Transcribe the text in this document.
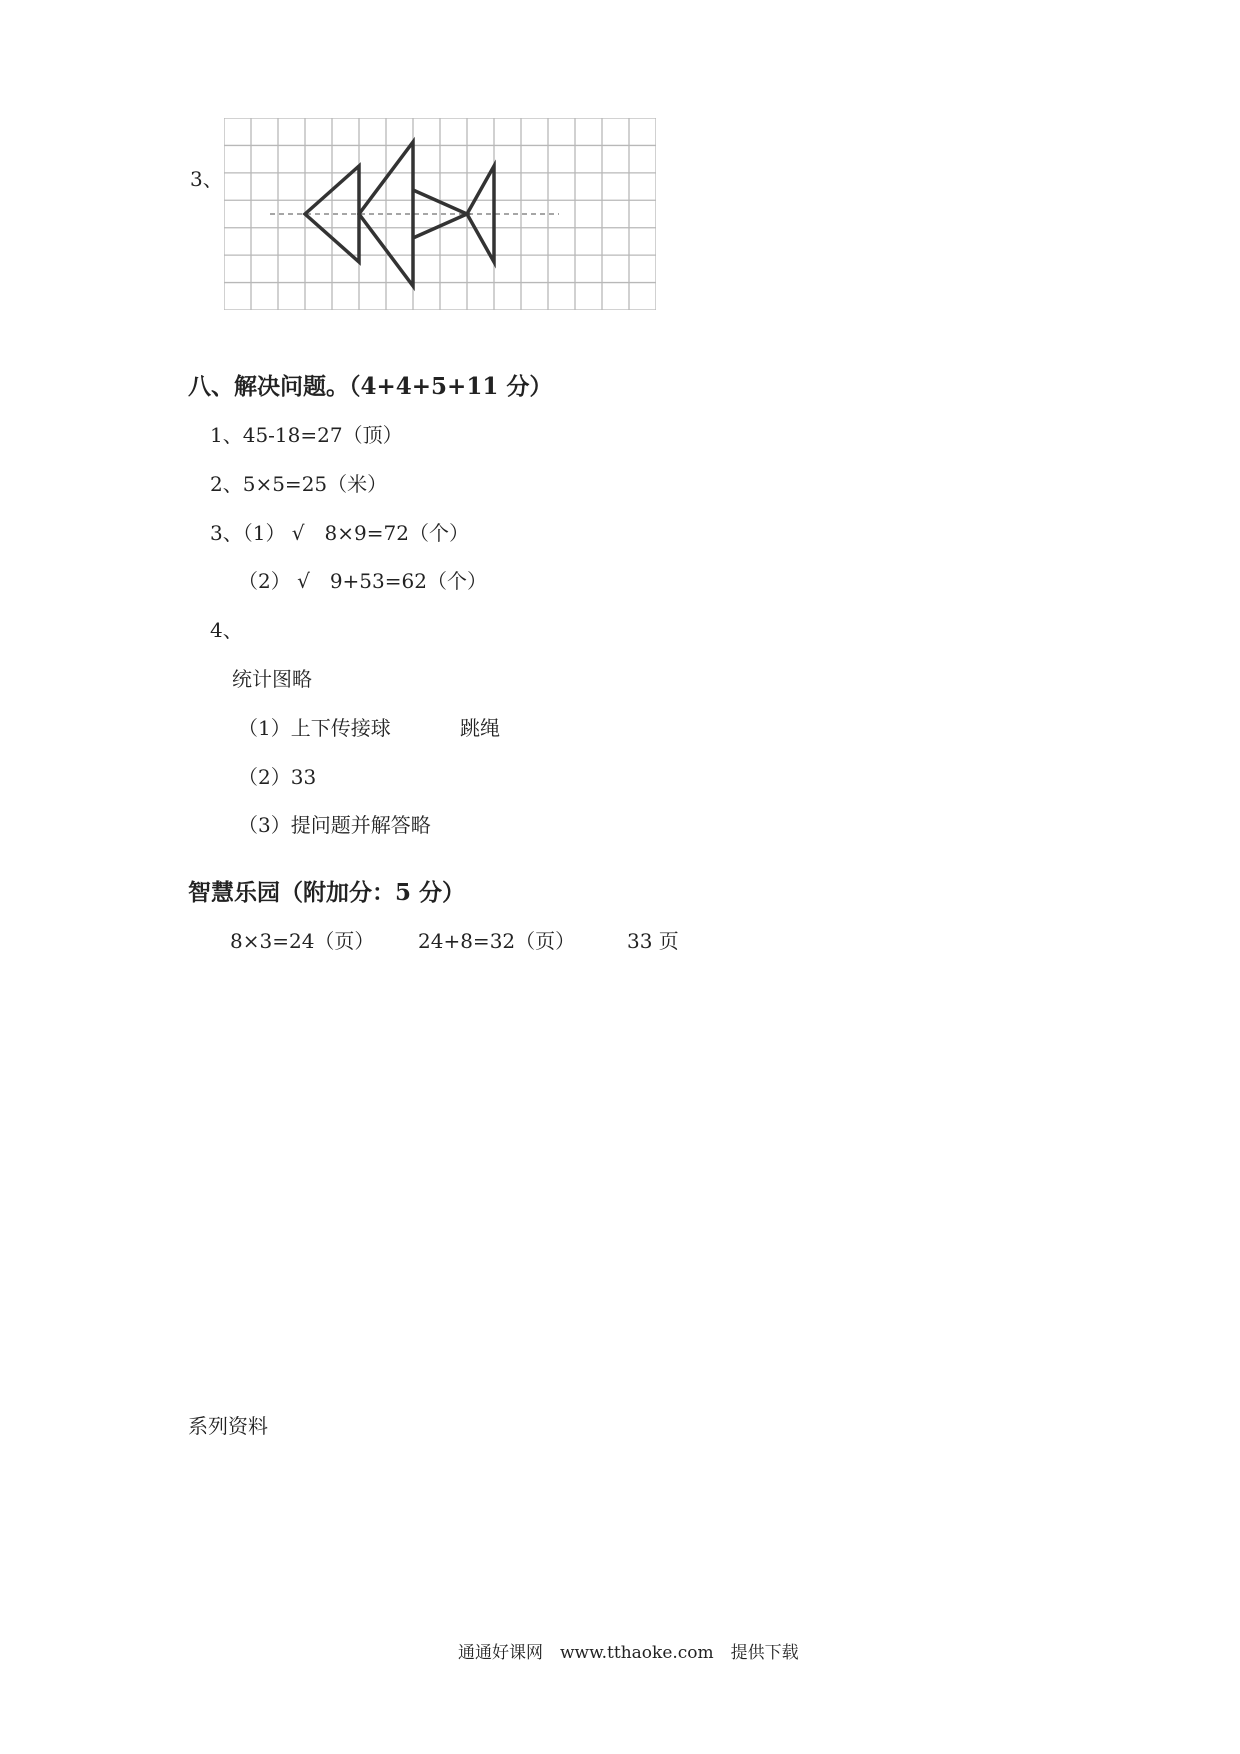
3、
八、解决问题。（4+4+5+11 分）
1、45-18=27（顶）
2、5×5=25（米）
3、（1） √　8×9=72（个）
（2） √　9+53=62（个）
4、
统计图略
（1）上下传接球	跳绳
（2）33
（3）提问题并解答略
智慧乐园（附加分：5 分）
8×3=24（页） 24+8=32（页）	33 页
系列资料
通通好课网　www.tthaoke.com　提供下载
